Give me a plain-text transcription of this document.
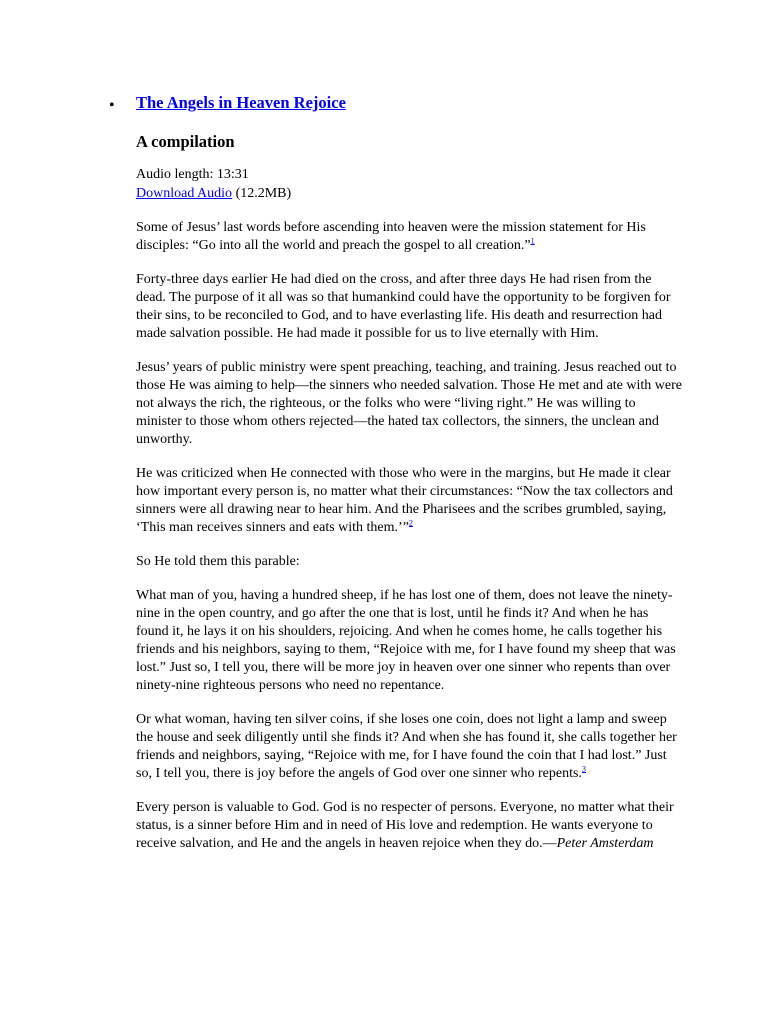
• The Angels in Heaven Rejoice
A compilation
Audio length: 13:31
Download Audio (12.2MB)

Some of Jesus’ last words before ascending into heaven were the mission statement for His disciples: “Go into all the world and preach the gospel to all creation.”$^1$

Forty-three days earlier He had died on the cross, and after three days He had risen from the dead. The purpose of it all was so that humankind could have the opportunity to be forgiven for their sins, to be reconciled to God, and to have everlasting life. His death and resurrection had made salvation possible. He had made it possible for us to live eternally with Him.

Jesus’ years of public ministry were spent preaching, teaching, and training. Jesus reached out to those He was aiming to help—the sinners who needed salvation. Those He met and ate with were not always the rich, the righteous, or the folks who were “living right.” He was willing to minister to those whom others rejected—the hated tax collectors, the sinners, the unclean and unworthy.

He was criticized when He connected with those who were in the margins, but He made it clear how important every person is, no matter what their circumstances: “Now the tax collectors and sinners were all drawing near to hear him. And the Pharisees and the scribes grumbled, saying, ‘This man receives sinners and eats with them.’”$^2$

So He told them this parable:

What man of you, having a hundred sheep, if he has lost one of them, does not leave the ninety-nine in the open country, and go after the one that is lost, until he finds it? And when he has found it, he lays it on his shoulders, rejoicing. And when he comes home, he calls together his friends and his neighbors, saying to them, “Rejoice with me, for I have found my sheep that was lost.” Just so, I tell you, there will be more joy in heaven over one sinner who repents than over ninety-nine righteous persons who need no repentance.

Or what woman, having ten silver coins, if she loses one coin, does not light a lamp and sweep the house and seek diligently until she finds it? And when she has found it, she calls together her friends and neighbors, saying, “Rejoice with me, for I have found the coin that I had lost.” Just so, I tell you, there is joy before the angels of God over one sinner who repents.$^3$

Every person is valuable to God. God is no respecter of persons. Everyone, no matter what their status, is a sinner before Him and in need of His love and redemption. He wants everyone to receive salvation, and He and the angels in heaven rejoice when they do.—Peter Amsterdam
